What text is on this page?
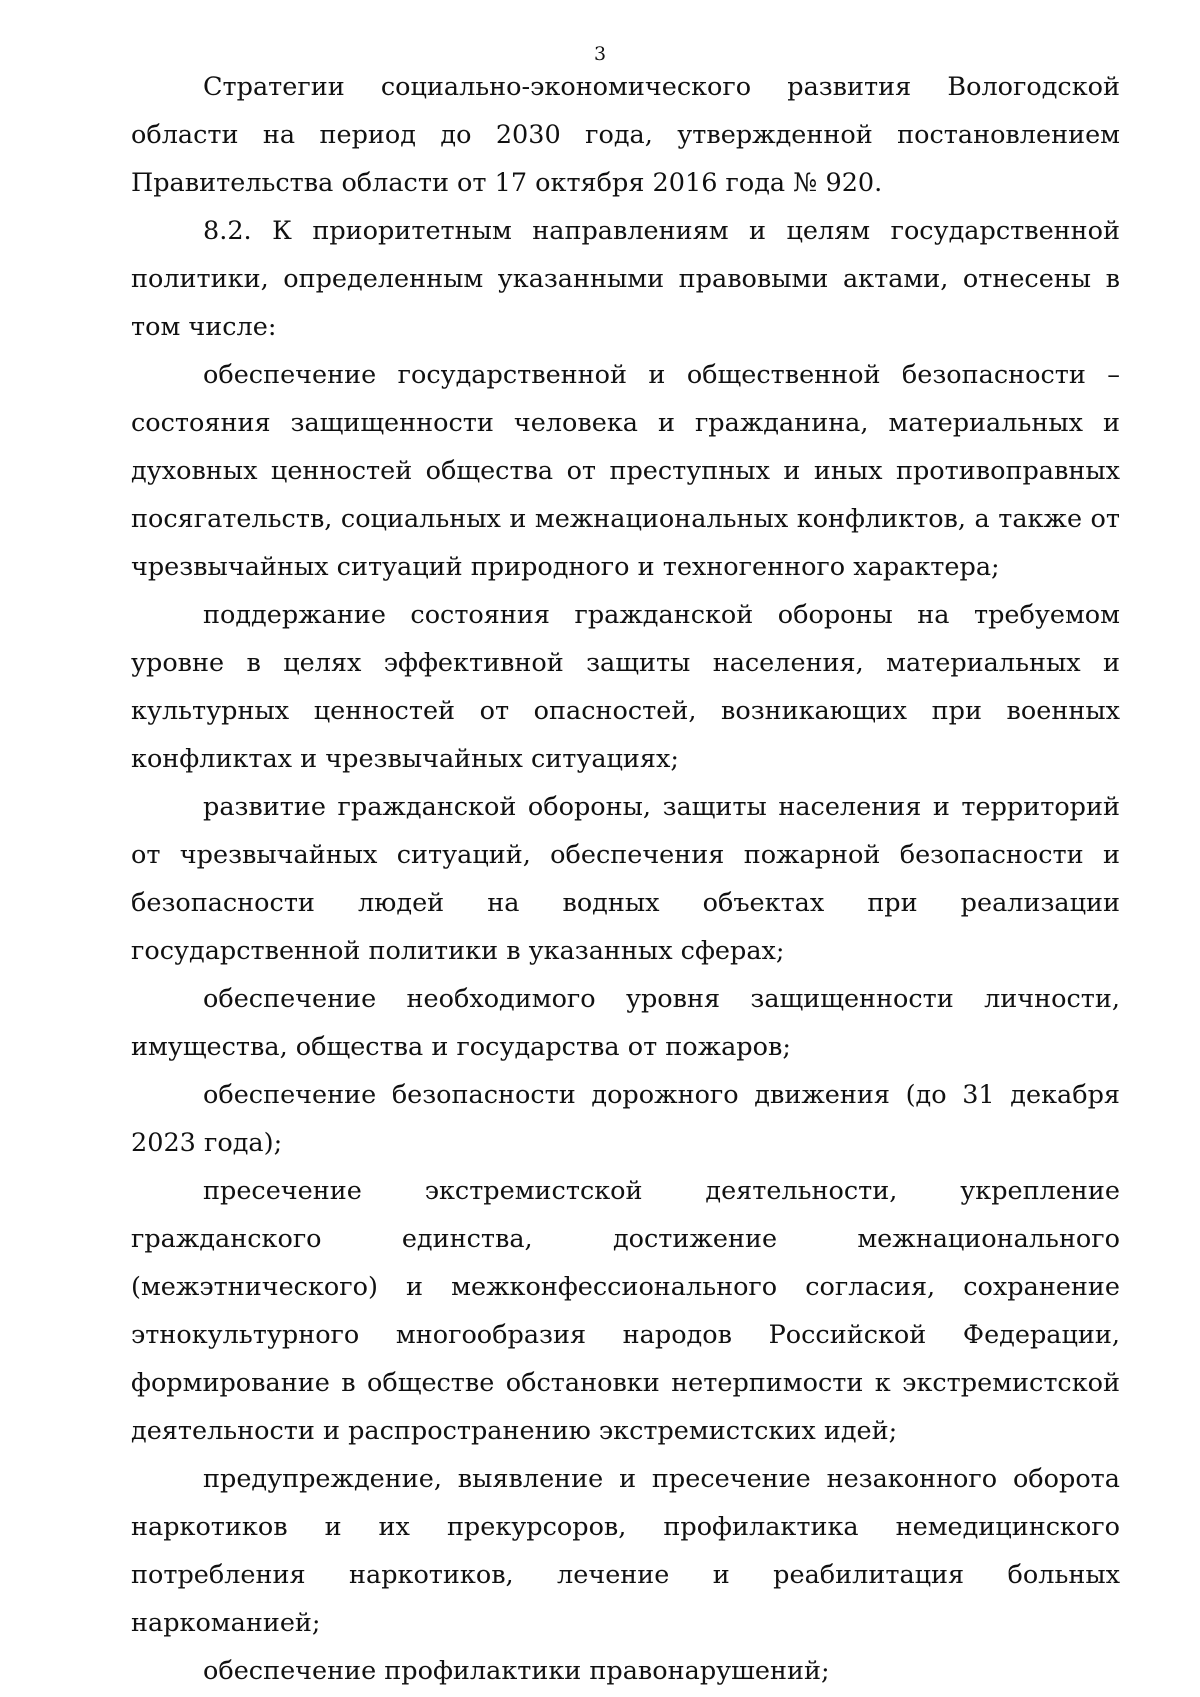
3

Стратегии социально-экономического развития Вологодской области на период до 2030 года, утвержденной постановлением Правительства области от 17 октября 2016 года № 920.

8.2. К приоритетным направлениям и целям государственной политики, определенным указанными правовыми актами, отнесены в том числе:

обеспечение государственной и общественной безопасности – состояния защищенности человека и гражданина, материальных и духовных ценностей общества от преступных и иных противоправных посягательств, социальных и межнациональных конфликтов, а также от чрезвычайных ситуаций природного и техногенного характера;

поддержание состояния гражданской обороны на требуемом уровне в целях эффективной защиты населения, материальных и культурных ценностей от опасностей, возникающих при военных конфликтах и чрезвычайных ситуациях;

развитие гражданской обороны, защиты населения и территорий от чрезвычайных ситуаций, обеспечения пожарной безопасности и безопасности людей на водных объектах при реализации государственной политики в указанных сферах;

обеспечение необходимого уровня защищенности личности, имущества, общества и государства от пожаров;

обеспечение безопасности дорожного движения (до 31 декабря 2023 года);

пресечение экстремистской деятельности, укрепление гражданского единства, достижение межнационального (межэтнического) и межконфессионального согласия, сохранение этнокультурного многообразия народов Российской Федерации, формирование в обществе обстановки нетерпимости к экстремистской деятельности и распространению экстремистских идей;

предупреждение, выявление и пресечение незаконного оборота наркотиков и их прекурсоров, профилактика немедицинского потребления наркотиков, лечение и реабилитация больных наркоманией;

обеспечение профилактики правонарушений;
